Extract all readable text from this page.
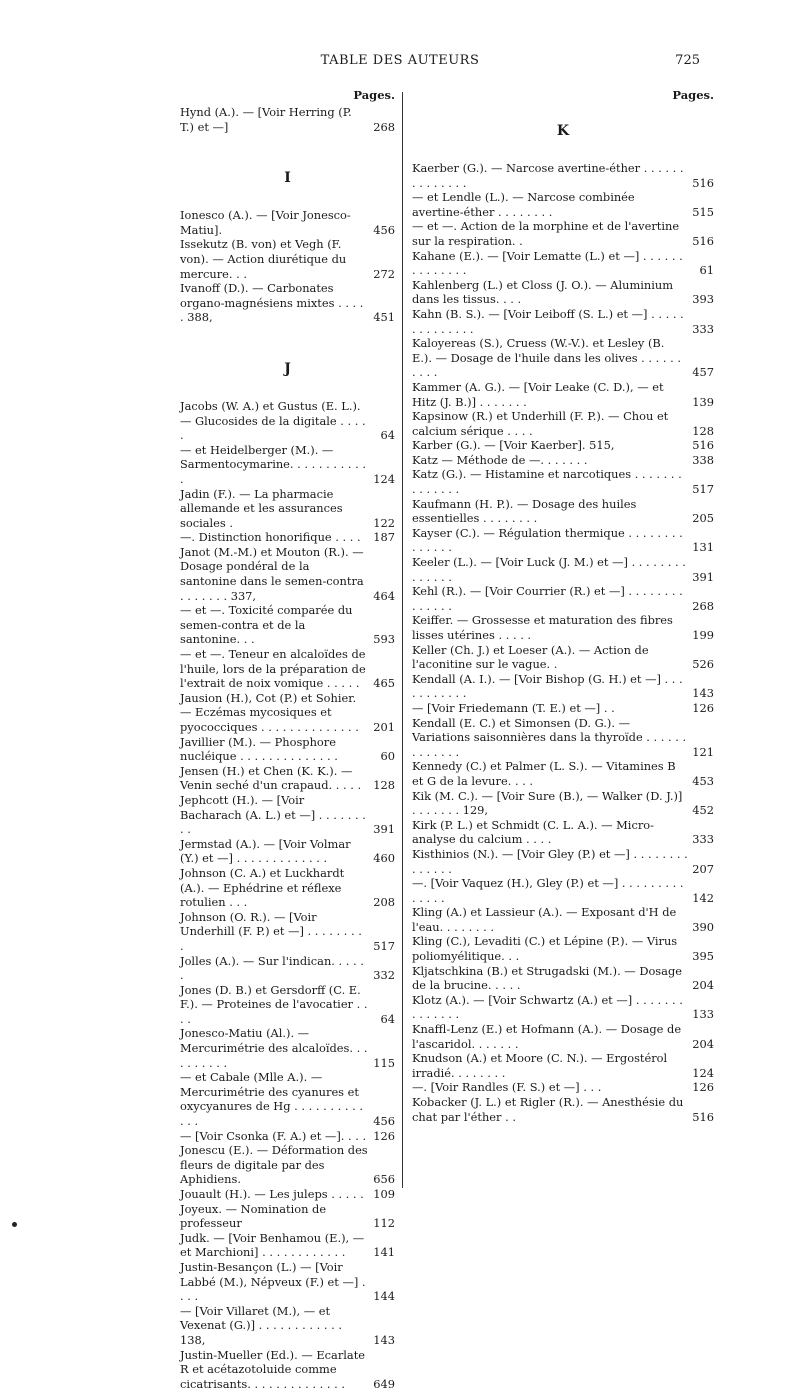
TABLE DES AUTEURS	725
Pages.
Hynd (A.). — [Voir Herring (P. T.) et —]	268
I
Ionesco (A.). — [Voir Jonesco-Matiu].	456
Issekutz (B. von) et Vegh (F. von). — Action diurétique du mercure. . .	272
Ivanoff (D.). — Carbonates organo-magnésiens mixtes . . . . . 388,	451
J
Jacobs (W. A.) et Gustus (E. L.). — Glucosides de la digitale . . . . .	64
— et Heidelberger (M.). — Sarmentocymarine. . . . . . . . . . . .	124
Jadin (F.). — La pharmacie allemande et les assurances sociales .	122
—. Distinction honorifique . . . . 187
Janot (M.-M.) et Mouton (R.). — Dosage pondéral de la santonine dans le semen-contra . . . . . . . 337,	464
— et —. Toxicité comparée du semen-contra et de la santonine. . .	593
— et —. Teneur en alcaloïdes de l'huile, lors de la préparation de l'extrait de noix vomique . . . . . 465
Jausion (H.), Cot (P.) et Sohier. — Eczémas mycosiques et pyococciques . . . . . . . . . . . . . . 201
Javillier (M.). — Phosphore nucléique . . . . . . . . . . . . . .	60
Jensen (H.) et Chen (K. K.). — Venin seché d'un crapaud. . . . . 128
Jephcott (H.). — [Voir Bacharach (A. L.) et —] . . . . . . . . .	391
Jermstad (A.). — [Voir Volmar (Y.) et —] . . . . . . . . . . . . .	460
Johnson (C. A.) et Luckhardt (A.). — Ephédrine et réflexe rotulien . . .	208
Johnson (O. R.). — [Voir Underhill (F. P.) et —] . . . . . . . . .	517
Jolles (A.). — Sur l'indican. . . . . .	332
Jones (D. B.) et Gersdorff (C. E. F.). — Proteines de l'avocatier . . . .	64
Jonesco-Matiu (Al.). — Mercurimétrie des alcaloïdes. . . . . . . . . .	115
— et Cabale (Mlle A.). — Mercurimétrie des cyanures et oxycyanures de Hg . . . . . . . . . . . . .	456
— [Voir Csonka (F. A.) et —]. . . . 126
Jonescu (E.). — Déformation des fleurs de digitale par des Aphidiens.	656
Jouault (H.). — Les juleps . . . . . 109
Joyeux. — Nomination de professeur	112
Judk. — [Voir Benhamou (E.), — et Marchioni] . . . . . . . . . . . . 141
Justin-Besançon (L.) — [Voir Labbé (M.), Népveux (F.) et —] . . . .	144
— [Voir Villaret (M.), — et Vexenat (G.)] . . . . . . . . . . . . 138,	143
Justin-Mueller (Ed.). — Ecarlate R et acétazotoluide comme cicatrisants. . . . . . . . . . . . . . 649
Pages.
K
Kaerber (G.). — Narcose avertine-éther . . . . . . . . . . . . . .	516
— et Lendle (L.). — Narcose combinée avertine-éther . . . . . . . .	515
— et —. Action de la morphine et de l'avertine sur la respiration. .	516
Kahane (E.). — [Voir Lematte (L.) et —] . . . . . . . . . . . . . .	61
Kahlenberg (L.) et Closs (J. O.). — Aluminium dans les tissus. . . .	393
Kahn (B. S.). — [Voir Leiboff (S. L.) et —] . . . . . . . . . . . . . .	333
Kaloyereas (S.), Cruess (W.-V.). et Lesley (B. E.). — Dosage de l'huile dans les olives . . . . . . . . . .	457
Kammer (A. G.). — [Voir Leake (C. D.), — et Hitz (J. B.)] . . . . . . .	139
Kapsinow (R.) et Underhill (F. P.). — Chou et calcium sérique . . . .	128
Karber (G.). — [Voir Kaerber]. 515,	516
Katz — Méthode de —. . . . . . .	338
Katz (G.). — Histamine et narcotiques . . . . . . . . . . . . . .	517
Kaufmann (H. P.). — Dosage des huiles essentielles . . . . . . . .	205
Kayser (C.). — Régulation thermique . . . . . . . . . . . . . .	131
Keeler (L.). — [Voir Luck (J. M.) et —] . . . . . . . . . . . . . .	391
Kehl (R.). — [Voir Courrier (R.) et —] . . . . . . . . . . . . . .	268
Keiffer. — Grossesse et maturation des fibres lisses utérines . . . . .	199
Keller (Ch. J.) et Loeser (A.). — Action de l'aconitine sur le vague. .	526
Kendall (A. I.). — [Voir Bishop (G. H.) et —] . . . . . . . . . . .	143
— [Voir Friedemann (T. E.) et —] . .	126
Kendall (E. C.) et Simonsen (D. G.). — Variations saisonnières dans la thyroïde . . . . . . . . . . . . .	121
Kennedy (C.) et Palmer (L. S.). — Vitamines B et G de la levure. . . .	453
Kik (M. C.). — [Voir Sure (B.), — Walker (D. J.)] . . . . . . . 129,	452
Kirk (P. L.) et Schmidt (C. L. A.). — Micro-analyse du calcium . . . .	333
Kisthinios (N.). — [Voir Gley (P.) et —] . . . . . . . . . . . . . .	207
—. [Voir Vaquez (H.), Gley (P.) et —] . . . . . . . . . . . . . .	142
Kling (A.) et Lassieur (A.). — Exposant d'H de l'eau. . . . . . . .	390
Kling (C.), Levaditi (C.) et Lépine (P.). — Virus poliomyélitique. . .	395
Kljatschkina (B.) et Strugadski (M.). — Dosage de la brucine. . . . .	204
Klotz (A.). — [Voir Schwartz (A.) et —] . . . . . . . . . . . . . .	133
Knaffl-Lenz (E.) et Hofmann (A.). — Dosage de l'ascaridol. . . . . . .	204
Knudson (A.) et Moore (C. N.). — Ergostérol irradié. . . . . . . .	124
—. [Voir Randles (F. S.) et —] . . .	126
Kobacker (J. L.) et Rigler (R.). — Anesthésie du chat par l'éther . .	516
